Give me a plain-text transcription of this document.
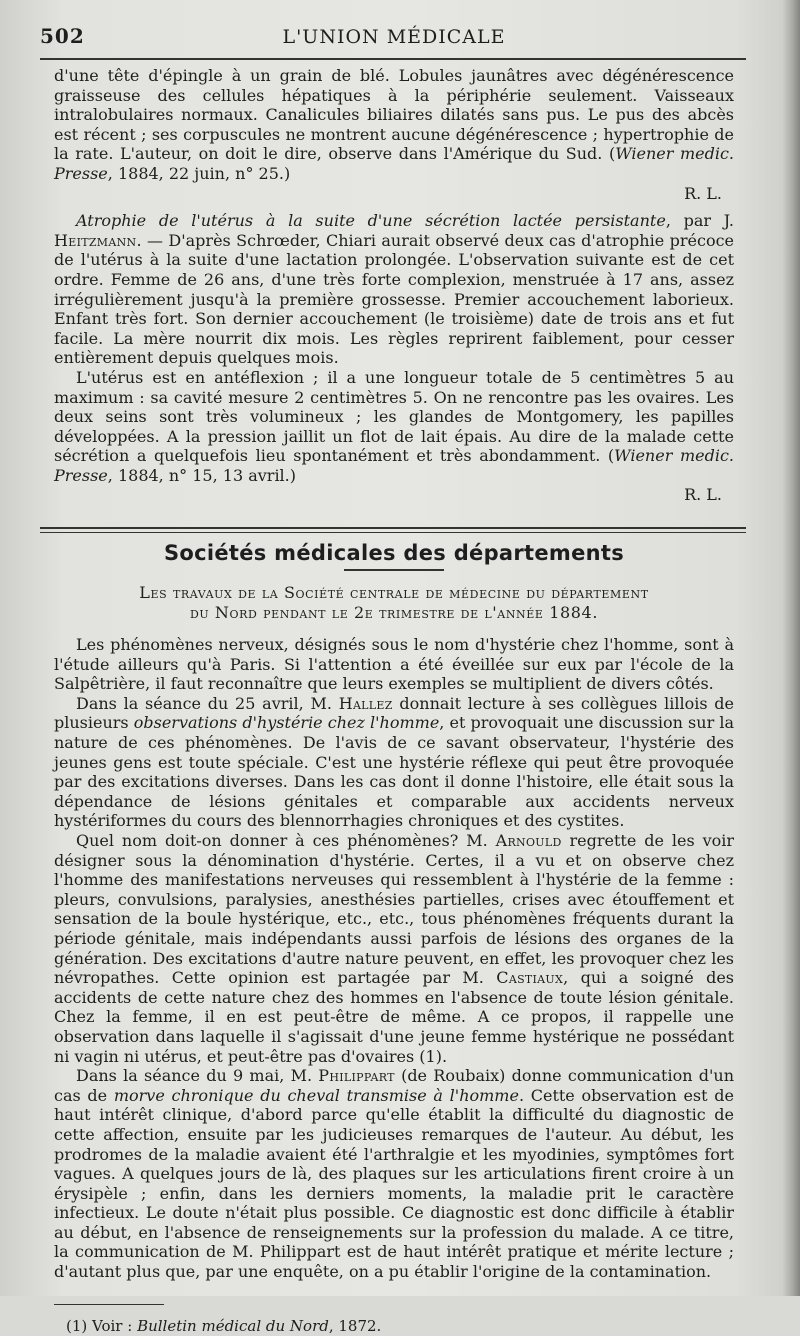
502	L'UNION MÉDICALE

d'une tête d'épingle à un grain de blé. Lobules jaunâtres avec dégénérescence graisseuse des cellules hépatiques à la périphérie seulement. Vaisseaux intralobulaires normaux. Canalicules biliaires dilatés sans pus. Le pus des abcès est récent ; ses corpuscules ne montrent aucune dégénérescence ; hypertrophie de la rate. L'auteur, on doit le dire, observe dans l'Amérique du Sud. (Wiener medic. Presse, 1884, 22 juin, n° 25.)

R. L.

Atrophie de l'utérus à la suite d'une sécrétion lactée persistante, par J. Heitzmann. — D'après Schrœder, Chiari aurait observé deux cas d'atrophie précoce de l'utérus à la suite d'une lactation prolongée. L'observation suivante est de cet ordre. Femme de 26 ans, d'une très forte complexion, menstruée à 17 ans, assez irrégulièrement jusqu'à la première grossesse. Premier accouchement laborieux. Enfant très fort. Son dernier accouchement (le troisième) date de trois ans et fut facile. La mère nourrit dix mois. Les règles reprirent faiblement, pour cesser entièrement depuis quelques mois.

L'utérus est en antéflexion ; il a une longueur totale de 5 centimètres 5 au maximum : sa cavité mesure 2 centimètres 5. On ne rencontre pas les ovaires. Les deux seins sont très volumineux ; les glandes de Montgomery, les papilles développées. A la pression jaillit un flot de lait épais. Au dire de la malade cette sécrétion a quelquefois lieu spontanément et très abondamment. (Wiener medic. Presse, 1884, n° 15, 13 avril.)

R. L.
Sociétés médicales des départements
Les travaux de la Société centrale de médecine du département
du Nord pendant le 2e trimestre de l'année 1884.

Les phénomènes nerveux, désignés sous le nom d'hystérie chez l'homme, sont à l'étude ailleurs qu'à Paris. Si l'attention a été éveillée sur eux par l'école de la Salpêtrière, il faut reconnaître que leurs exemples se multiplient de divers côtés.

Dans la séance du 25 avril, M. Hallez donnait lecture à ses collègues lillois de plusieurs observations d'hystérie chez l'homme, et provoquait une discussion sur la nature de ces phénomènes. De l'avis de ce savant observateur, l'hystérie des jeunes gens est toute spéciale. C'est une hystérie réflexe qui peut être provoquée par des excitations diverses. Dans les cas dont il donne l'histoire, elle était sous la dépendance de lésions génitales et comparable aux accidents nerveux hystériformes du cours des blennorrhagies chroniques et des cystites.

Quel nom doit-on donner à ces phénomènes? M. Arnould regrette de les voir désigner sous la dénomination d'hystérie. Certes, il a vu et on observe chez l'homme des manifestations nerveuses qui ressemblent à l'hystérie de la femme : pleurs, convulsions, paralysies, anesthésies partielles, crises avec étouffement et sensation de la boule hystérique, etc., etc., tous phénomènes fréquents durant la période génitale, mais indépendants aussi parfois de lésions des organes de la génération. Des excitations d'autre nature peuvent, en effet, les provoquer chez les névropathes. Cette opinion est partagée par M. Castiaux, qui a soigné des accidents de cette nature chez des hommes en l'absence de toute lésion génitale. Chez la femme, il en est peut-être de même. A ce propos, il rappelle une observation dans laquelle il s'agissait d'une jeune femme hystérique ne possédant ni vagin ni utérus, et peut-être pas d'ovaires (1).

Dans la séance du 9 mai, M. Philippart (de Roubaix) donne communication d'un cas de morve chronique du cheval transmise à l'homme. Cette observation est de haut intérêt clinique, d'abord parce qu'elle établit la difficulté du diagnostic de cette affection, ensuite par les judicieuses remarques de l'auteur. Au début, les prodromes de la maladie avaient été l'arthralgie et les myodinies, symptômes fort vagues. A quelques jours de là, des plaques sur les articulations firent croire à un érysipèle ; enfin, dans les derniers moments, la maladie prit le caractère infectieux. Le doute n'était plus possible. Ce diagnostic est donc difficile à établir au début, en l'absence de renseignements sur la profession du malade. A ce titre, la communication de M. Philippart est de haut intérêt pratique et mérite lecture ; d'autant plus que, par une enquête, on a pu établir l'origine de la contamination.

(1) Voir : Bulletin médical du Nord, 1872.
